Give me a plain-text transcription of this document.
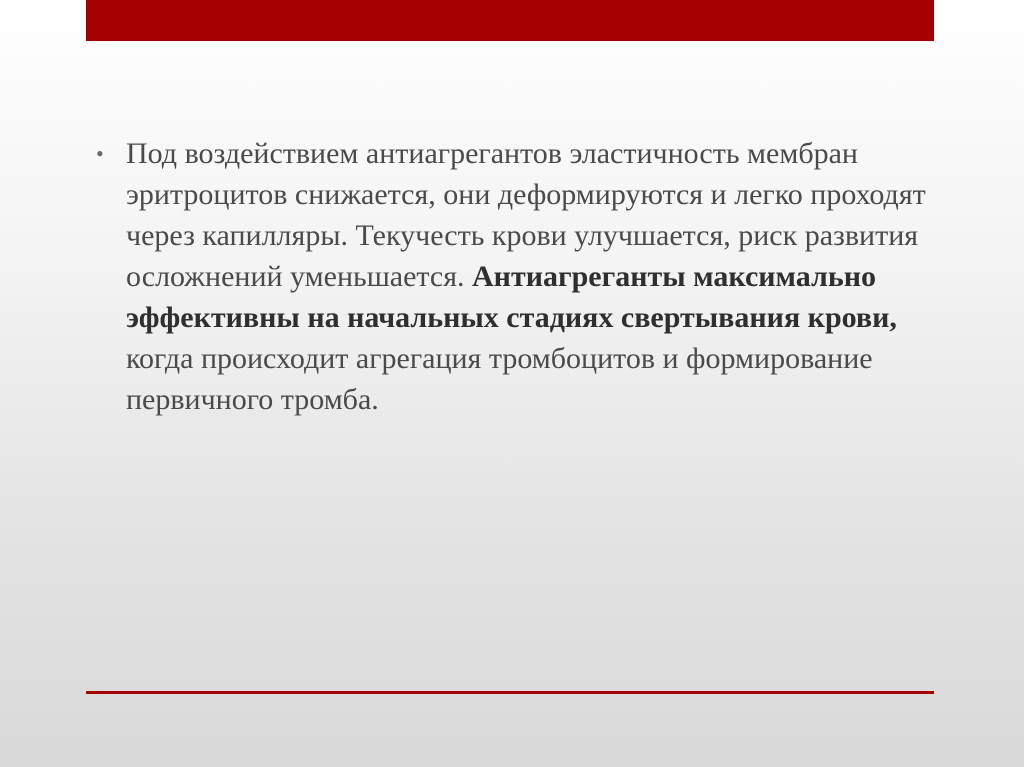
• Под воздействием антиагрегантов эластичность мембран эритроцитов снижается, они деформируются и легко проходят через капилляры. Текучесть крови улучшается, риск развития осложнений уменьшается. Антиагреганты максимально эффективны на начальных стадиях свертывания крови, когда происходит агрегация тромбоцитов и формирование первичного тромба.
